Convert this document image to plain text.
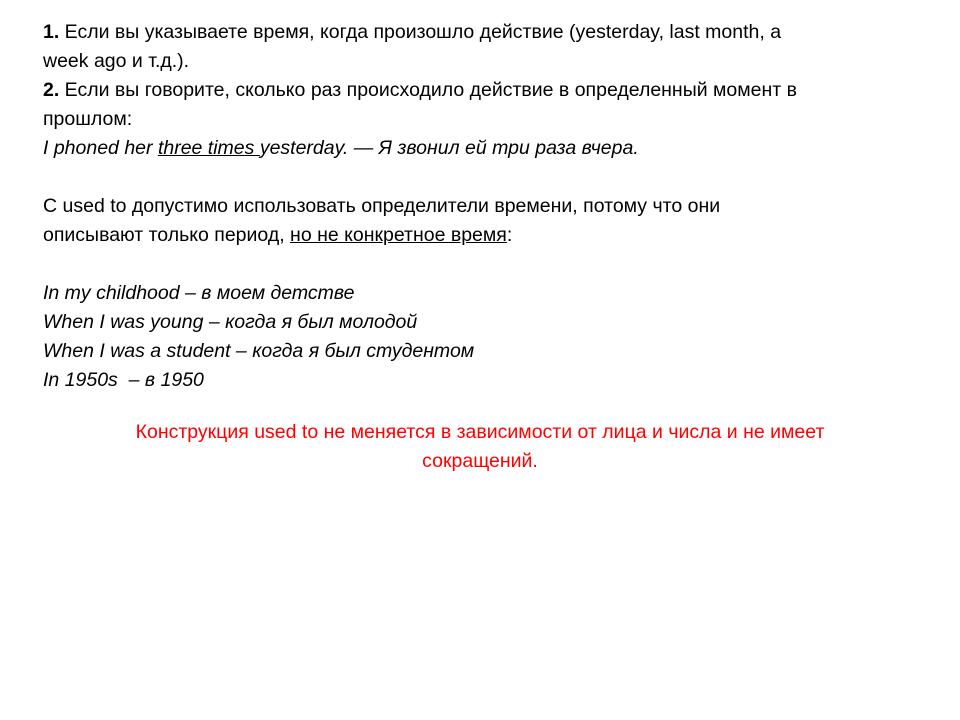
1. Если вы указываете время, когда произошло действие (yesterday, last month, a
week ago и т.д.).
2. Если вы говорите, сколько раз происходило действие в определенный момент в
прошлом:
I phoned her three times yesterday. — Я звонил ей три раза вчера.
С used to допустимо использовать определители времени, потому что они
описывают только период, но не конкретное время:
In my childhood – в моем детстве
When I was young – когда я был молодой
When I was a student – когда я был студентом
In 1950s  – в 1950
Конструкция used to не меняется в зависимости от лица и числа и не имеет
сокращений.
